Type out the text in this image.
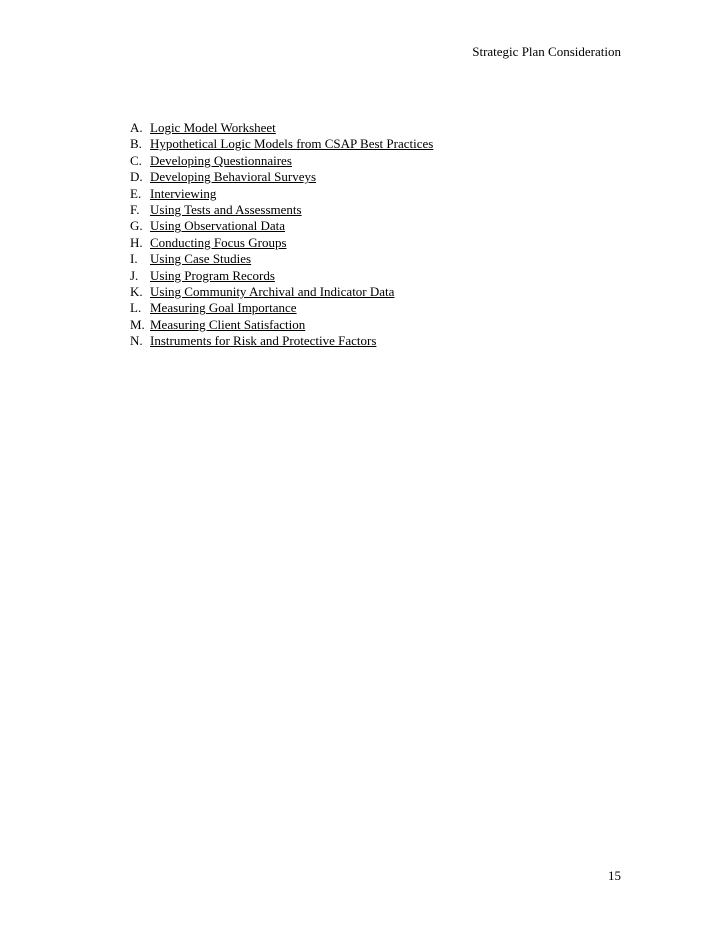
Strategic Plan Consideration
A. Logic Model Worksheet
B. Hypothetical Logic Models from CSAP Best Practices
C. Developing Questionnaires
D. Developing Behavioral Surveys
E. Interviewing
F. Using Tests and Assessments
G. Using Observational Data
H. Conducting Focus Groups
I. Using Case Studies
J. Using Program Records
K. Using Community Archival and Indicator Data
L. Measuring Goal Importance
M. Measuring Client Satisfaction
N. Instruments for Risk and Protective Factors
15
